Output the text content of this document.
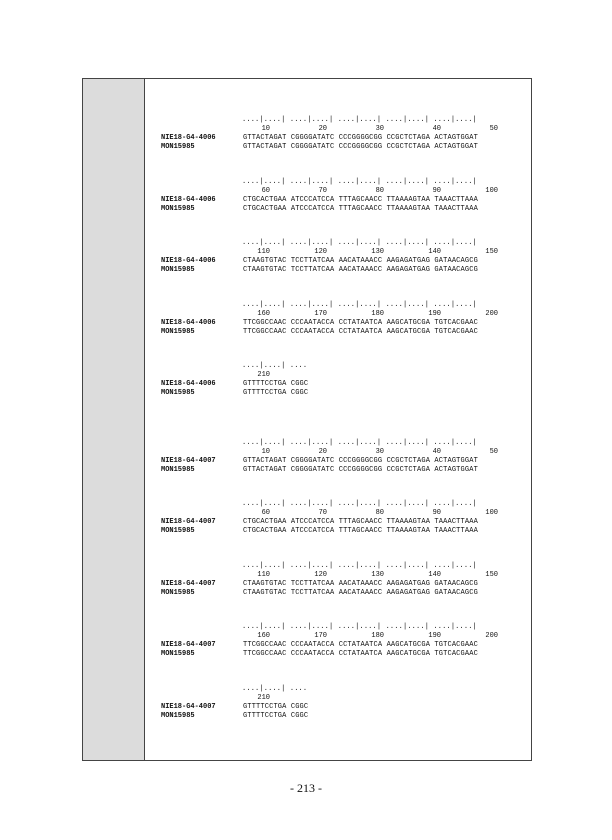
....|....| ....|....| ....|....| ....|....| ....|....|
10	20	30	40	50
NIE18-G4-4006	GTTACTAGAT CGGGGATATC CCCGGGGCGG CCGCTCTAGA ACTAGTGGAT
MON15985	GTTACTAGAT CGGGGATATC CCCGGGGCGG CCGCTCTAGA ACTAGTGGAT
....|....| ....|....| ....|....| ....|....| ....|....|
60	70	80	90	100
NIE18-G4-4006	CTGCACTGAA ATCCCATCCA TTTAGCAACC TTAAAAGTAA TAAACTTAAA
MON15985	CTGCACTGAA ATCCCATCCA TTTAGCAACC TTAAAAGTAA TAAACTTAAA
....|....| ....|....| ....|....| ....|....| ....|....|
110	120	130	140	150
NIE18-G4-4006	CTAAGTGTAC TCCTTATCAA AACATAAACC AAGAGATGAG GATAACAGCG
MON15985	CTAAGTGTAC TCCTTATCAA AACATAAACC AAGAGATGAG GATAACAGCG
....|....| ....|....| ....|....| ....|....| ....|....|
160	170	180	190	200
NIE18-G4-4006	TTCGGCCAAC CCCAATACCA CCTATAATCA AAGCATGCGA TGTCACGAAC
MON15985	TTCGGCCAAC CCCAATACCA CCTATAATCA AAGCATGCGA TGTCACGAAC
....|....| ....
210
NIE18-G4-4006	GTTTTCCTGA CGGC
MON15985	GTTTTCCTGA CGGC
....|....| ....|....| ....|....| ....|....| ....|....|
10	20	30	40	50
NIE18-G4-4007	GTTACTAGAT CGGGGATATC CCCGGGGCGG CCGCTCTAGA ACTAGTGGAT
MON15985	GTTACTAGAT CGGGGATATC CCCGGGGCGG CCGCTCTAGA ACTAGTGGAT
....|....| ....|....| ....|....| ....|....| ....|....|
60	70	80	90	100
NIE18-G4-4007	CTGCACTGAA ATCCCATCCA TTTAGCAACC TTAAAAGTAA TAAACTTAAA
MON15985	CTGCACTGAA ATCCCATCCA TTTAGCAACC TTAAAAGTAA TAAACTTAAA
....|....| ....|....| ....|....| ....|....| ....|....|
110	120	130	140	150
NIE18-G4-4007	CTAAGTGTAC TCCTTATCAA AACATAAACC AAGAGATGAG GATAACAGCG
MON15985	CTAAGTGTAC TCCTTATCAA AACATAAACC AAGAGATGAG GATAACAGCG
....|....| ....|....| ....|....| ....|....| ....|....|
160	170	180	190	200
NIE18-G4-4007	TTCGGCCAAC CCCAATACCA CCTATAATCA AAGCATGCGA TGTCACGAAC
MON15985	TTCGGCCAAC CCCAATACCA CCTATAATCA AAGCATGCGA TGTCACGAAC
....|....| ....
210
NIE18-G4-4007	GTTTTCCTGA CGGC
MON15985	GTTTTCCTGA CGGC
- 213 -
